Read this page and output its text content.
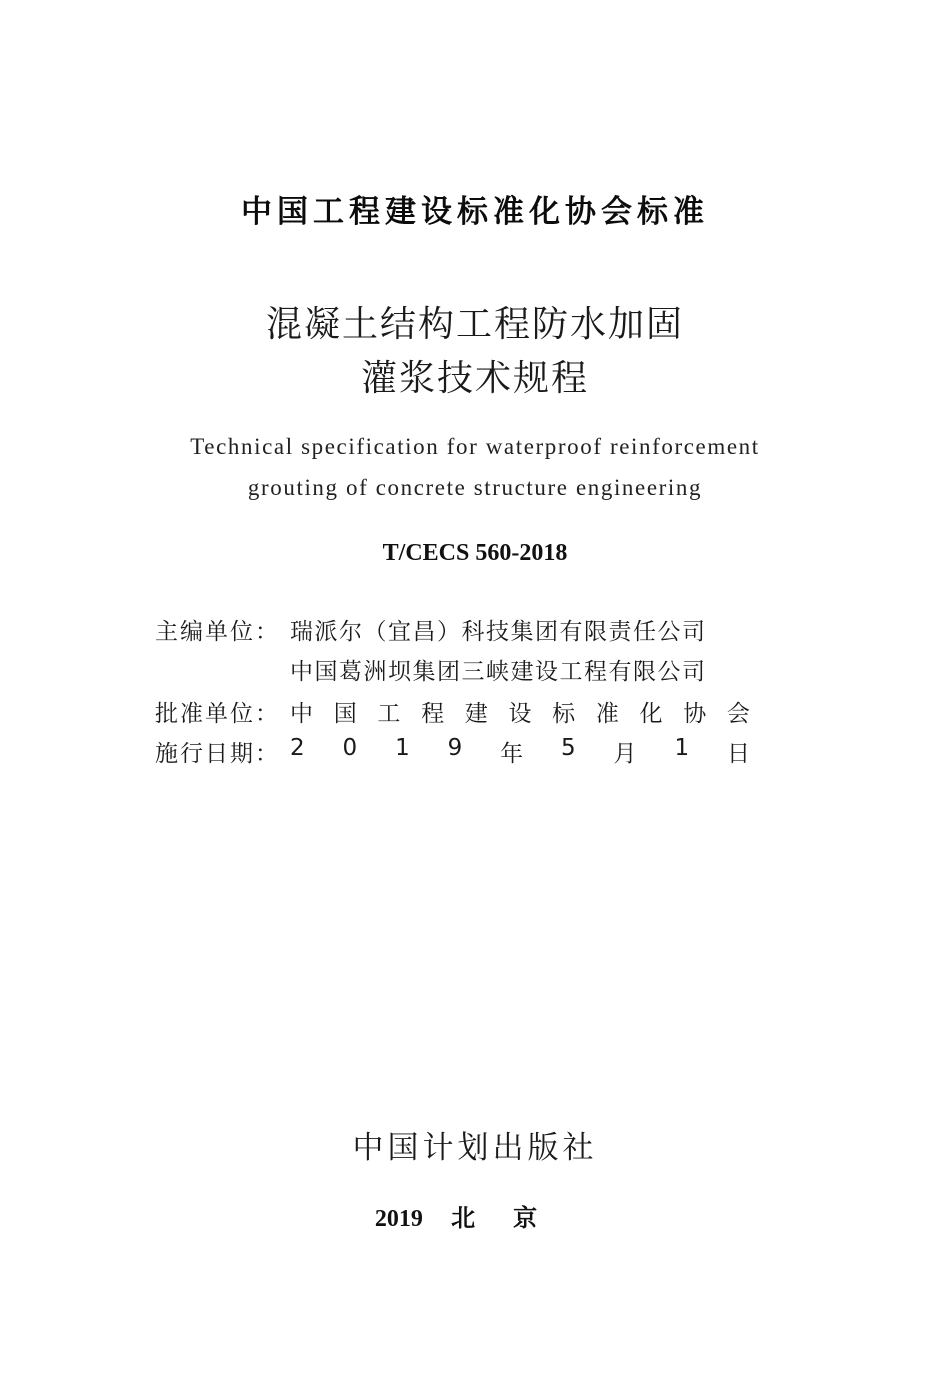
中国工程建设标准化协会标准
混凝土结构工程防水加固
灌浆技术规程
Technical specification for waterproof reinforcement
grouting of concrete structure engineering
T/CECS 560-2018
主编单位： 瑞派尔（宜昌）科技集团有限责任公司
中国葛洲坝集团三峡建设工程有限公司
批准单位： 中 国 工 程 建 设 标 准 化 协 会
施行日期： 2 0 1 9 年 5 月 1 日
中国计划出版社
2019 北京
